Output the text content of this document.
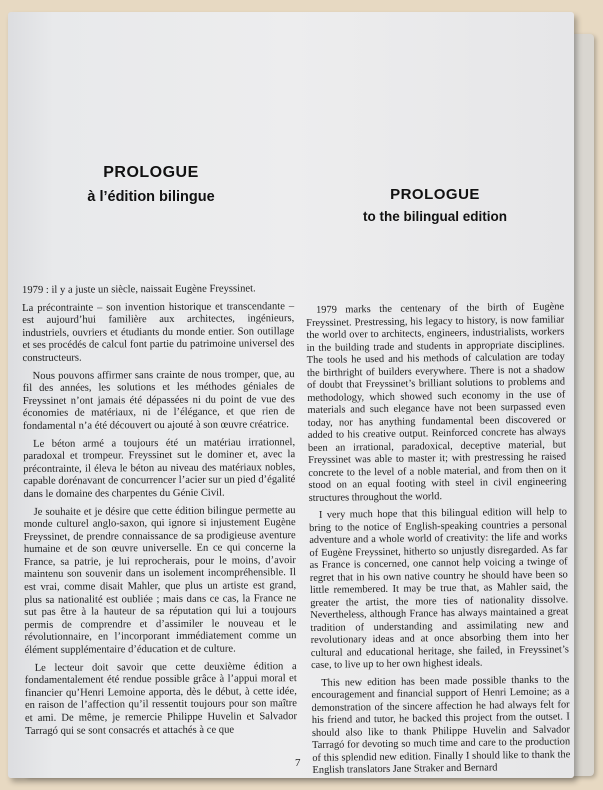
PROLOGUE
à l’édition bilingue	PROLOGUE
to the bilingual edition

1979 : il y a juste un siècle, naissait Eugène Freyssinet.

La précontrainte – son invention historique et transcendante – est aujourd’hui familière aux architectes, ingénieurs, industriels, ouvriers et étudiants du monde entier. Son outillage et ses procédés de calcul font partie du patrimoine universel des constructeurs.

Nous pouvons affirmer sans crainte de nous tromper, que, au fil des années, les solutions et les méthodes géniales de Freyssinet n’ont jamais été dépassées ni du point de vue des économies de matériaux, ni de l’élégance, et que rien de fondamental n’a été découvert ou ajouté à son œuvre créatrice.

Le béton armé a toujours été un matériau irrationnel, paradoxal et trompeur. Freyssinet sut le dominer et, avec la précontrainte, il éleva le béton au niveau des matériaux nobles, capable dorénavant de concurrencer l’acier sur un pied d’égalité dans le domaine des charpentes du Génie Civil.

Je souhaite et je désire que cette édition bilingue permette au monde culturel anglo-saxon, qui ignore si injustement Eugène Freyssinet, de prendre connaissance de sa prodigieuse aventure humaine et de son œuvre universelle. En ce qui concerne la France, sa patrie, je lui reprocherais, pour le moins, d’avoir maintenu son souvenir dans un isolement incompréhensible. Il est vrai, comme disait Mahler, que plus un artiste est grand, plus sa nationalité est oubliée ; mais dans ce cas, la France ne sut pas être à la hauteur de sa réputation qui lui a toujours permis de comprendre et d’assimiler le nouveau et le révolutionnaire, en l’incorporant immédiatement comme un élément supplémentaire d’éducation et de culture.

Le lecteur doit savoir que cette deuxième édition a fondamentalement été rendue possible grâce à l’appui moral et financier qu’Henri Lemoine apporta, dès le début, à cette idée, en raison de l’affection qu’il ressentit toujours pour son maître et ami. De même, je remercie Philippe Huvelin et Salvador Tarragó qui se sont consacrés et attachés à ce que

1979 marks the centenary of the birth of Eugène Freyssinet. Prestressing, his legacy to history, is now familiar the world over to architects, engineers, industrialists, workers in the building trade and students in appropriate disciplines. The tools he used and his methods of calculation are today the birthright of builders everywhere. There is not a shadow of doubt that Freyssinet’s brilliant solutions to problems and methodology, which showed such economy in the use of materials and such elegance have not been surpassed even today, nor has anything fundamental been discovered or added to his creative output. Reinforced concrete has always been an irrational, paradoxical, deceptive material, but Freyssinet was able to master it; with prestressing he raised concrete to the level of a noble material, and from then on it stood on an equal footing with steel in civil engineering structures throughout the world.

I very much hope that this bilingual edition will help to bring to the notice of English-speaking countries a personal adventure and a whole world of creativity: the life and works of Eugène Freyssinet, hitherto so unjustly disregarded. As far as France is concerned, one cannot help voicing a twinge of regret that in his own native country he should have been so little remembered. It may be true that, as Mahler said, the greater the artist, the more ties of nationality dissolve. Nevertheless, although France has always maintained a great tradition of understanding and assimilating new and revolutionary ideas and at once absorbing them into her cultural and educational heritage, she failed, in Freyssinet’s case, to live up to her own highest ideals.

This new edition has been made possible thanks to the encouragement and financial support of Henri Lemoine; as a demonstration of the sincere affection he had always felt for his friend and tutor, he backed this project from the outset. I should also like to thank Philippe Huvelin and Salvador Tarragó for devoting so much time and care to the production of this splendid new edition. Finally I should like to thank the English translators Jane Straker and Bernard

7
